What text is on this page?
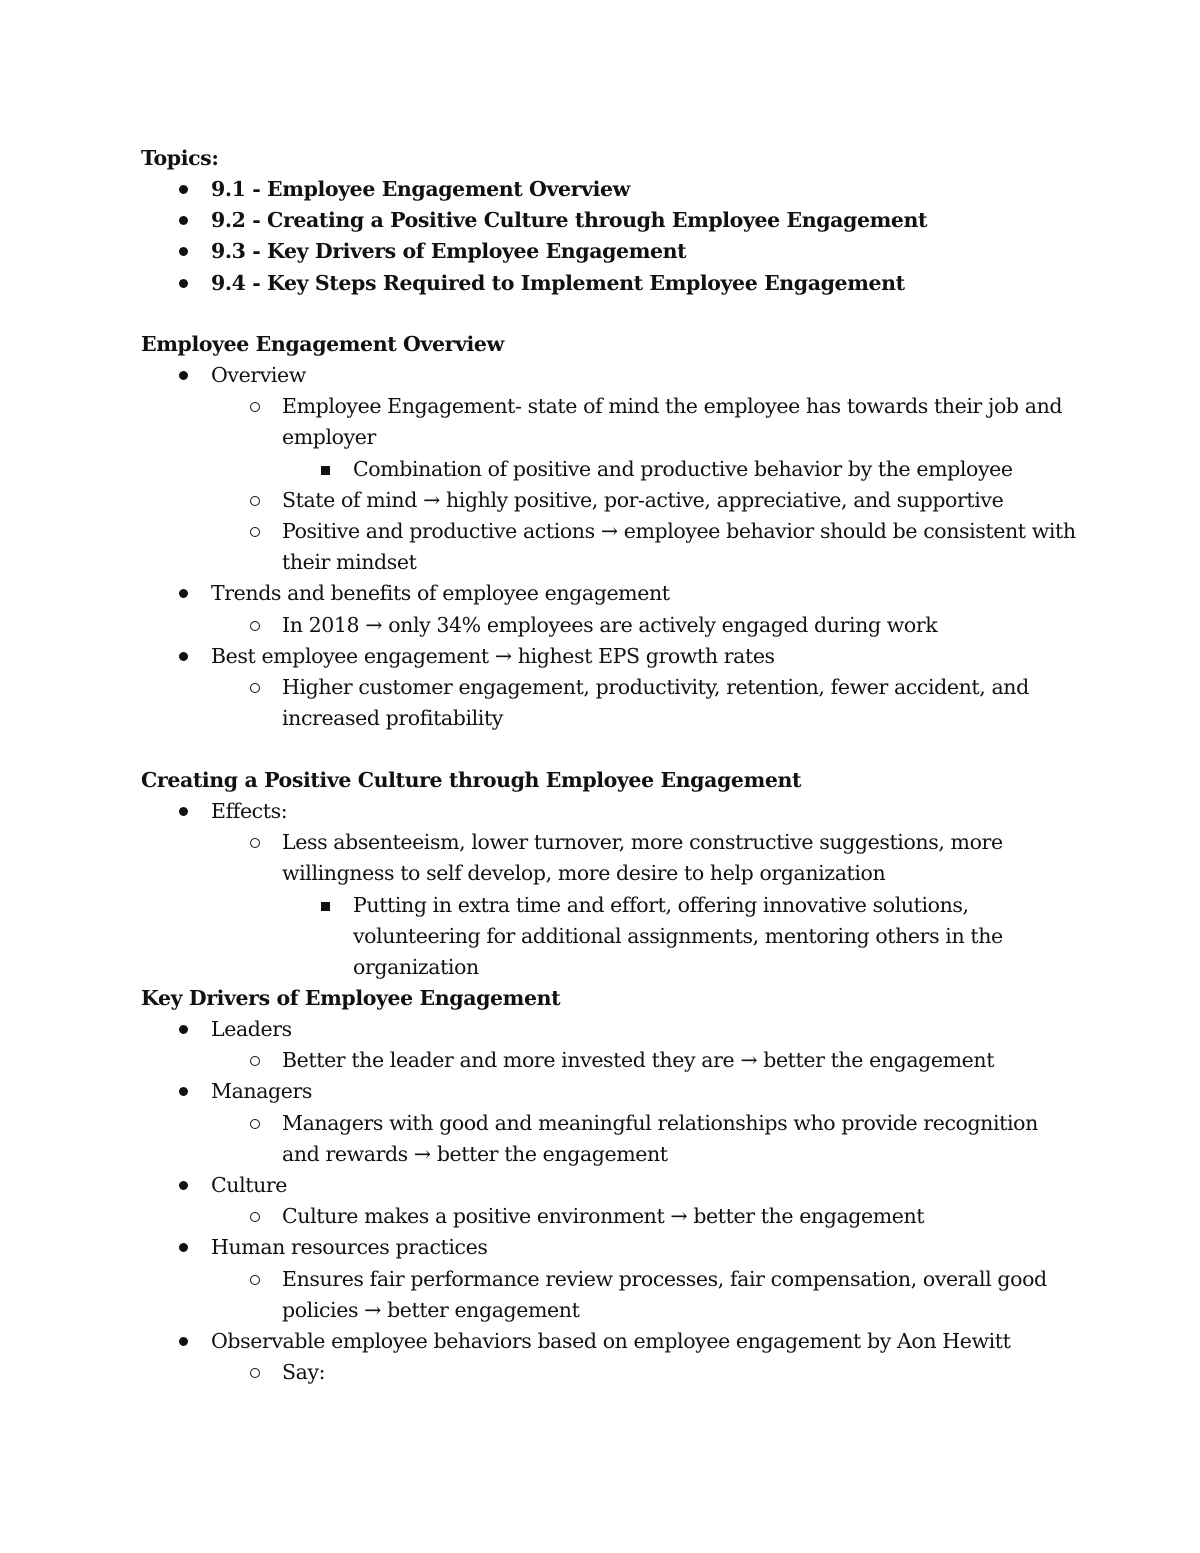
Topics:
9.1 - Employee Engagement Overview
9.2 - Creating a Positive Culture through Employee Engagement
9.3 - Key Drivers of Employee Engagement
9.4 - Key Steps Required to Implement Employee Engagement
Employee Engagement Overview
Overview
Employee Engagement- state of mind the employee has towards their job and employer
Combination of positive and productive behavior by the employee
State of mind → highly positive, por-active, appreciative, and supportive
Positive and productive actions → employee behavior should be consistent with their mindset
Trends and benefits of employee engagement
In 2018 → only 34% employees are actively engaged during work
Best employee engagement → highest EPS growth rates
Higher customer engagement, productivity, retention, fewer accident, and increased profitability
Creating a Positive Culture through Employee Engagement
Effects:
Less absenteeism, lower turnover, more constructive suggestions, more willingness to self develop, more desire to help organization
Putting in extra time and effort, offering innovative solutions, volunteering for additional assignments, mentoring others in the organization
Key Drivers of Employee Engagement
Leaders
Better the leader and more invested they are → better the engagement
Managers
Managers with good and meaningful relationships who provide recognition and rewards → better the engagement
Culture
Culture makes a positive environment → better the engagement
Human resources practices
Ensures fair performance review processes, fair compensation, overall good policies → better engagement
Observable employee behaviors based on employee engagement by Aon Hewitt
Say:
